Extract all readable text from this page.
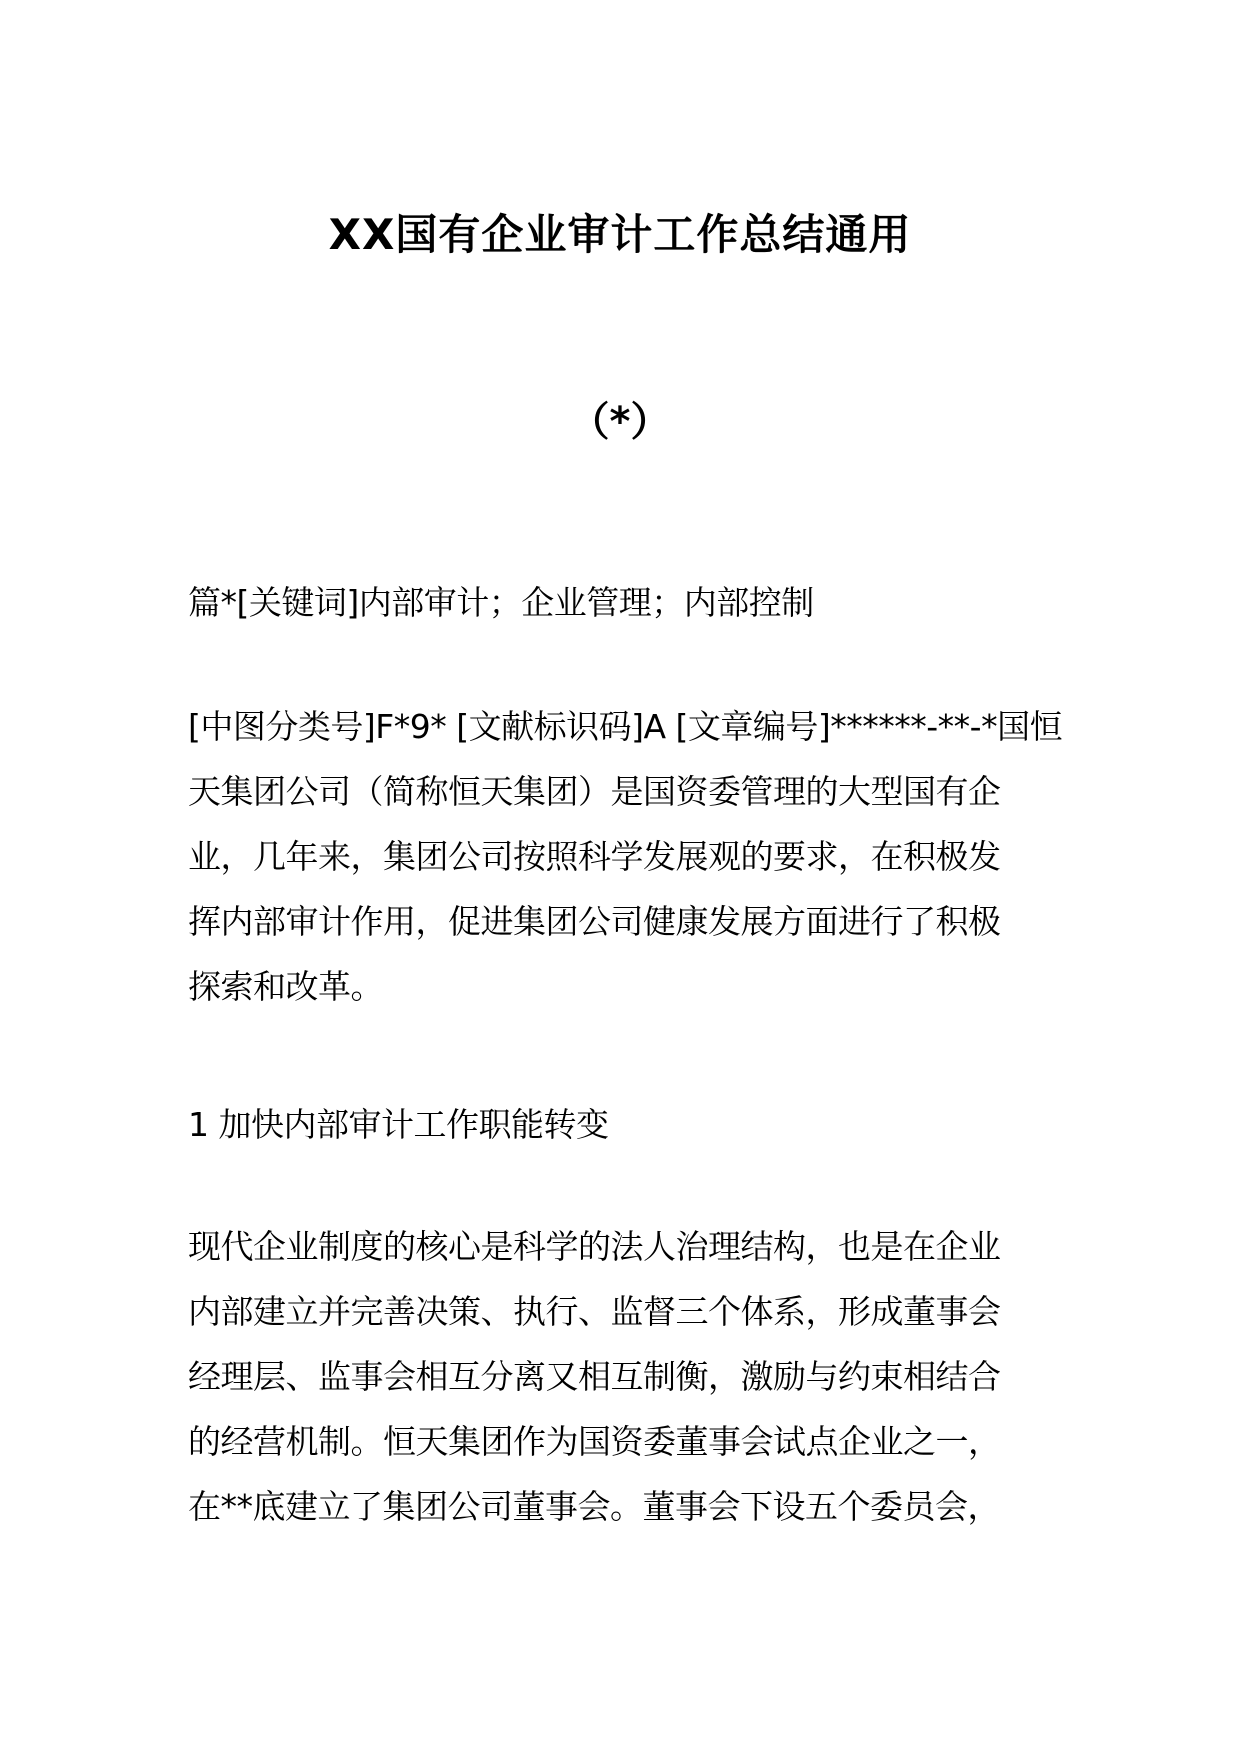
XX国有企业审计工作总结通用
（*）
篇*[关键词]内部审计；企业管理；内部控制
[中图分类号]F*9* [文献标识码]A [文章编号]******-**-*国恒
天集团公司（简称恒天集团）是国资委管理的大型国有企
业，几年来，集团公司按照科学发展观的要求，在积极发
挥内部审计作用，促进集团公司健康发展方面进行了积极
探索和改革。
1 加快内部审计工作职能转变
现代企业制度的核心是科学的法人治理结构，也是在企业
内部建立并完善决策、执行、监督三个体系，形成董事会
经理层、监事会相互分离又相互制衡，激励与约束相结合
的经营机制。恒天集团作为国资委董事会试点企业之一，
在**底建立了集团公司董事会。董事会下设五个委员会，
